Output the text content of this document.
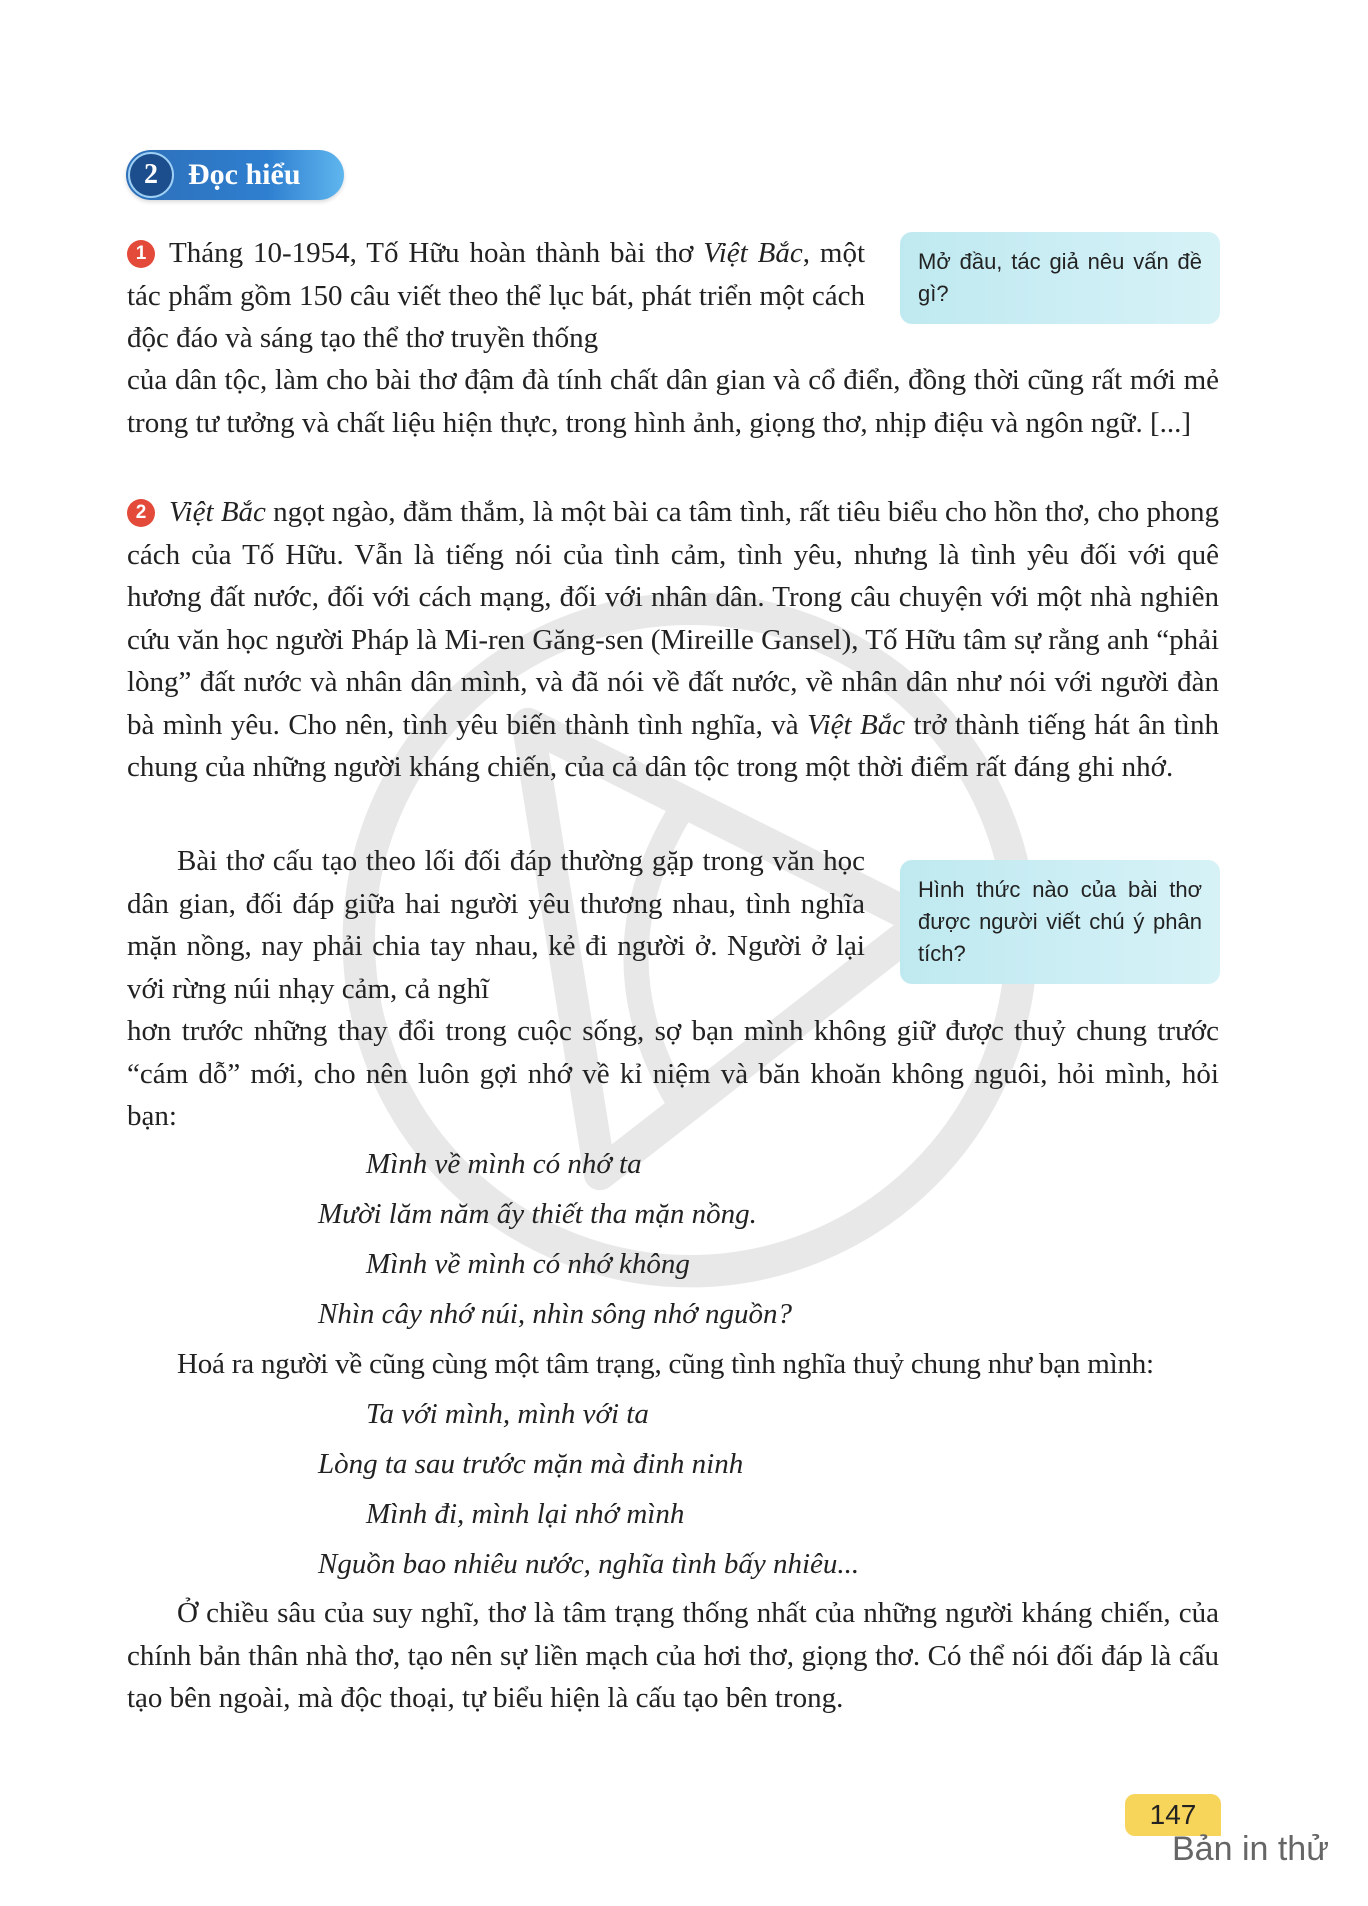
2	Đọc hiểu

1 Tháng 10-1954, Tố Hữu hoàn thành bài thơ Việt Bắc, một tác phẩm gồm 150 câu viết theo thể lục bát, phát triển một cách độc đáo và sáng tạo thể thơ truyền thống

của dân tộc, làm cho bài thơ đậm đà tính chất dân gian và cổ điển, đồng thời cũng rất mới mẻ trong tư tưởng và chất liệu hiện thực, trong hình ảnh, giọng thơ, nhịp điệu và ngôn ngữ. [...]

Mở đầu, tác giả nêu vấn đề gì?

2 Việt Bắc ngọt ngào, đằm thắm, là một bài ca tâm tình, rất tiêu biểu cho hồn thơ, cho phong cách của Tố Hữu. Vẫn là tiếng nói của tình cảm, tình yêu, nhưng là tình yêu đối với quê hương đất nước, đối với cách mạng, đối với nhân dân. Trong câu chuyện với một nhà nghiên cứu văn học người Pháp là Mi-ren Găng-sen (Mireille Gansel), Tố Hữu tâm sự rằng anh “phải lòng” đất nước và nhân dân mình, và đã nói về đất nước, về nhân dân như nói với người đàn bà mình yêu. Cho nên, tình yêu biến thành tình nghĩa, và Việt Bắc trở thành tiếng hát ân tình chung của những người kháng chiến, của cả dân tộc trong một thời điểm rất đáng ghi nhớ.

Bài thơ cấu tạo theo lối đối đáp thường gặp trong văn học dân gian, đối đáp giữa hai người yêu thương nhau, tình nghĩa mặn nồng, nay phải chia tay nhau, kẻ đi người ở. Người ở lại với rừng núi nhạy cảm, cả nghĩ

hơn trước những thay đổi trong cuộc sống, sợ bạn mình không giữ được thuỷ chung trước “cám dỗ” mới, cho nên luôn gợi nhớ về kỉ niệm và băn khoăn không nguôi, hỏi mình, hỏi bạn:

Hình thức nào của bài thơ được người viết chú ý phân tích?
Mình về mình có nhớ ta
Mười lăm năm ấy thiết tha mặn nồng.
Mình về mình có nhớ không
Nhìn cây nhớ núi, nhìn sông nhớ nguồn?

Hoá ra người về cũng cùng một tâm trạng, cũng tình nghĩa thuỷ chung như bạn mình:

Ta với mình, mình với ta
Lòng ta sau trước mặn mà đinh ninh
Mình đi, mình lại nhớ mình
Nguồn bao nhiêu nước, nghĩa tình bấy nhiêu...

Ở chiều sâu của suy nghĩ, thơ là tâm trạng thống nhất của những người kháng chiến, của chính bản thân nhà thơ, tạo nên sự liền mạch của hơi thơ, giọng thơ. Có thể nói đối đáp là cấu tạo bên ngoài, mà độc thoại, tự biểu hiện là cấu tạo bên trong.

147
Bản in thử
